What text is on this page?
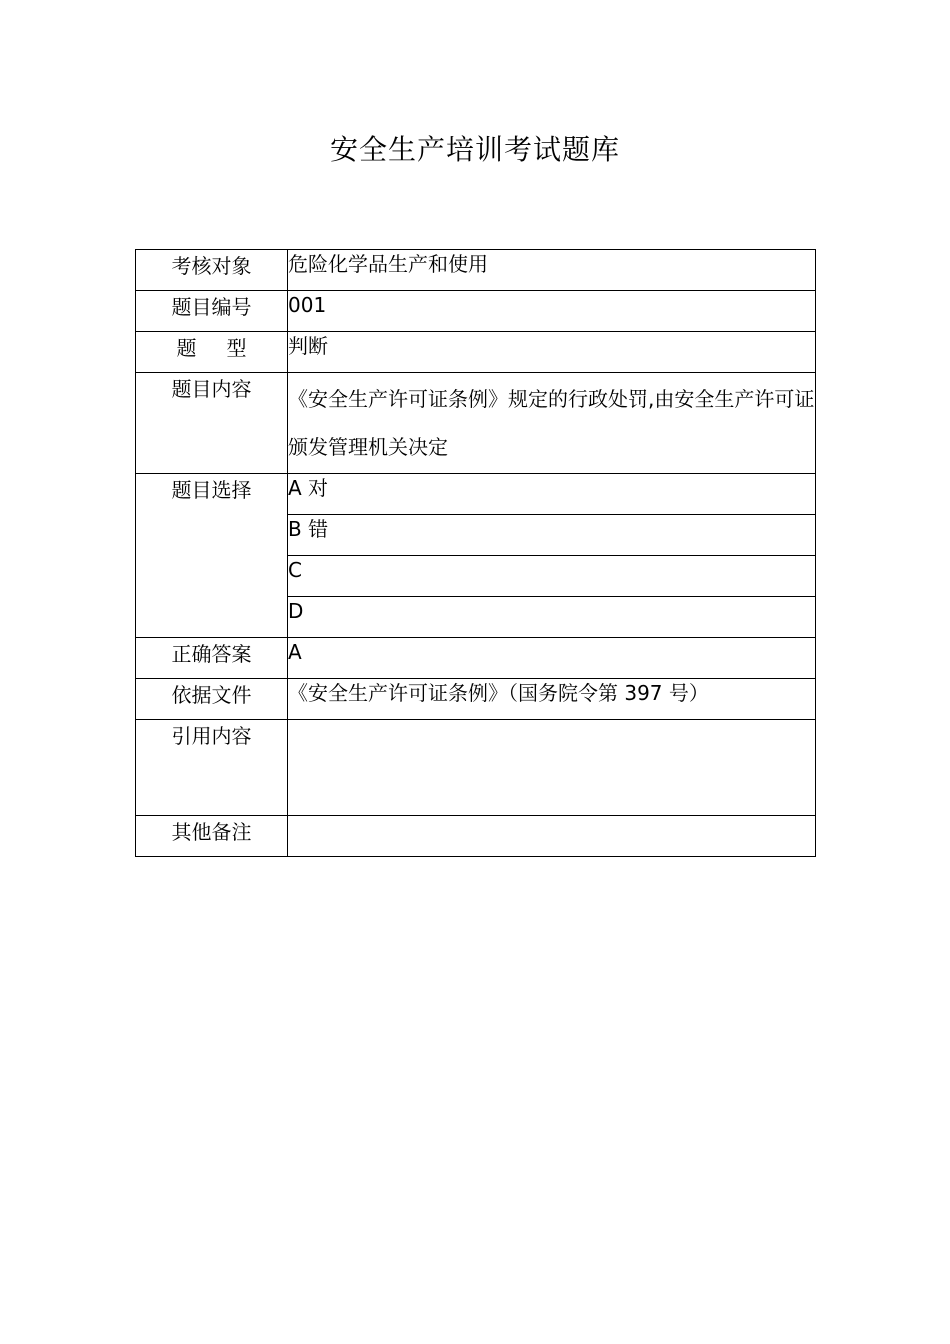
安全生产培训考试题库
考核对象	危险化学品生产和使用
题目编号	001
题 型	判断
题目内容	《安全生产许可证条例》规定的行政处罚,由安全生产许可证颁发管理机关决定
题目选择	A 对
	B 错
	C
	D
正确答案	A
依据文件	《安全生产许可证条例》（国务院令第 397 号）
引用内容	
其他备注	
